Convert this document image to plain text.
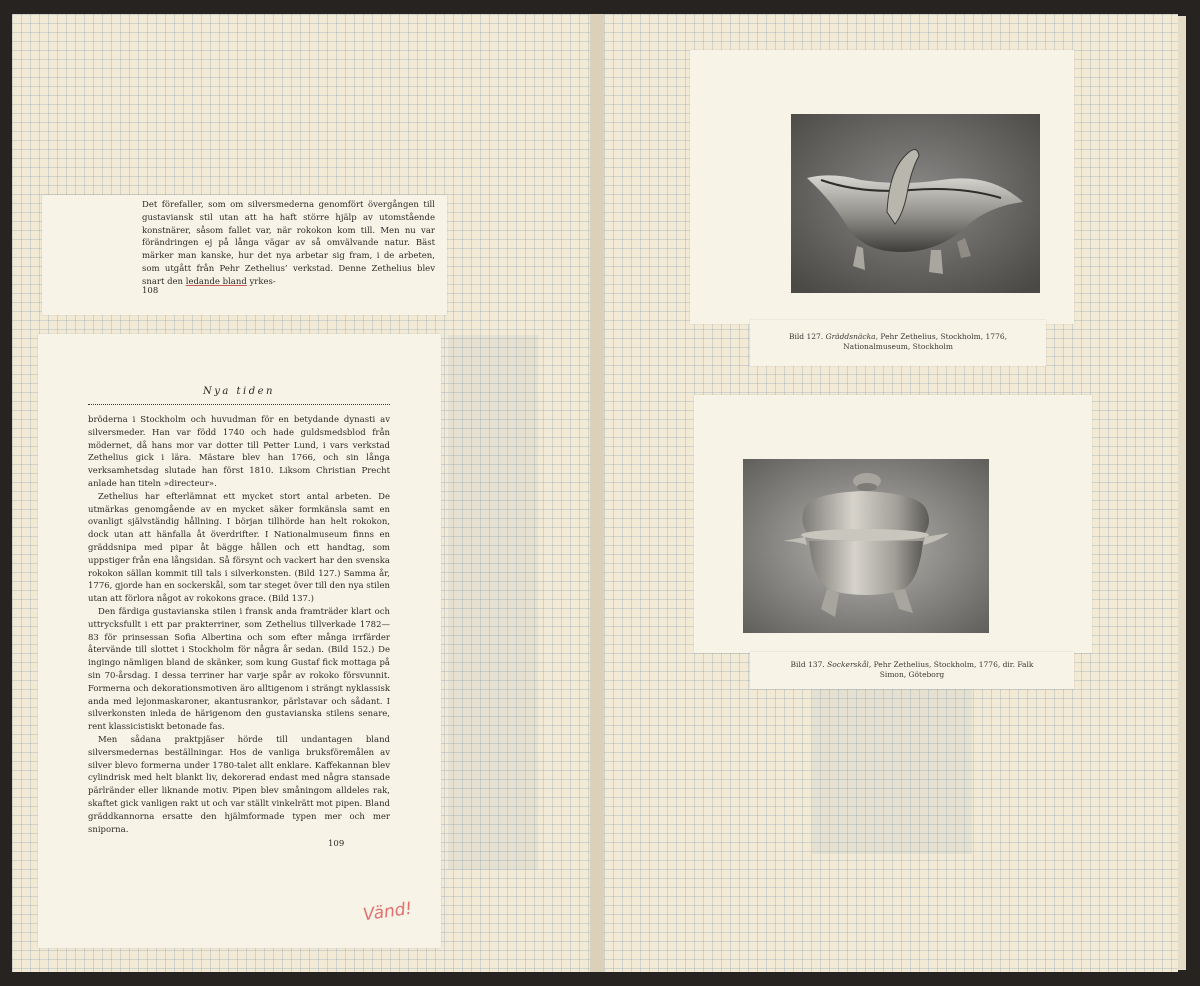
Det förefaller, som om silversmederna genomfört övergången till gustaviansk stil utan att ha haft större hjälp av utomstående konstnärer, såsom fallet var, när rokokon kom till. Men nu var förändringen ej på långa vägar av så omvälvande natur. Bäst märker man kanske, hur det nya arbetar sig fram, i de arbeten, som utgått från Pehr Zethelius’ verkstad. Denne Zethelius blev snart den ledande bland yrkes-

108
Nya tiden

bröderna i Stockholm och huvudman för en betydande dynasti av silversmeder. Han var född 1740 och hade guldsmedsblod från mödernet, då hans mor var dotter till Petter Lund, i vars verkstad Zethelius gick i lära. Mästare blev han 1766, och sin långa verksamhetsdag slutade han först 1810. Liksom Christian Precht anlade han titeln »directeur».

Zethelius har efterlämnat ett mycket stort antal arbeten. De utmärkas genomgående av en mycket säker formkänsla samt en ovanligt självständig hållning. I början tillhörde han helt rokokon, dock utan att hänfalla åt överdrifter. I Nationalmuseum finns en gräddsnipa med pipar åt bägge hållen och ett handtag, som uppstiger från ena långsidan. Så försynt och vackert har den svenska rokokon sällan kommit till tals i silverkonsten. (Bild 127.) Samma år, 1776, gjorde han en sockerskål, som tar steget över till den nya stilen utan att förlora något av rokokons grace. (Bild 137.)

Den färdiga gustavianska stilen i fransk anda framträder klart och uttrycksfullt i ett par prakterriner, som Zethelius tillverkade 1782—83 för prinsessan Sofia Albertina och som efter många irrfärder återvände till slottet i Stockholm för några år sedan. (Bild 152.) De ingingo nämligen bland de skänker, som kung Gustaf fick mottaga på sin 70-årsdag. I dessa terriner har varje spår av rokoko försvunnit. Formerna och dekorationsmotiven äro alltigenom i strängt nyklassisk anda med lejonmaskaroner, akantusrankor, pärlstavar och sådant. I silverkonsten inleda de härigenom den gustavianska stilens senare, rent klassicistiskt betonade fas.

Men sådana praktpjäser hörde till undantagen bland silversmedernas beställningar. Hos de vanliga bruksföremålen av silver blevo formerna under 1780-talet allt enklare. Kaffekannan blev cylindrisk med helt blankt liv, dekorerad endast med några stansade pärlränder eller liknande motiv. Pipen blev småningom alldeles rak, skaftet gick vanligen rakt ut och var ställt vinkelrätt mot pipen. Bland gräddkannorna ersatte den hjälmformade typen mer och mer sniporna.

109
Vänd!
Bild 127. Gräddsnäcka, Pehr Zethelius, Stockholm, 1776,
Nationalmuseum, Stockholm
Bild 137. Sockerskål, Pehr Zethelius, Stockholm, 1776, dir. Falk
Simon, Göteborg
